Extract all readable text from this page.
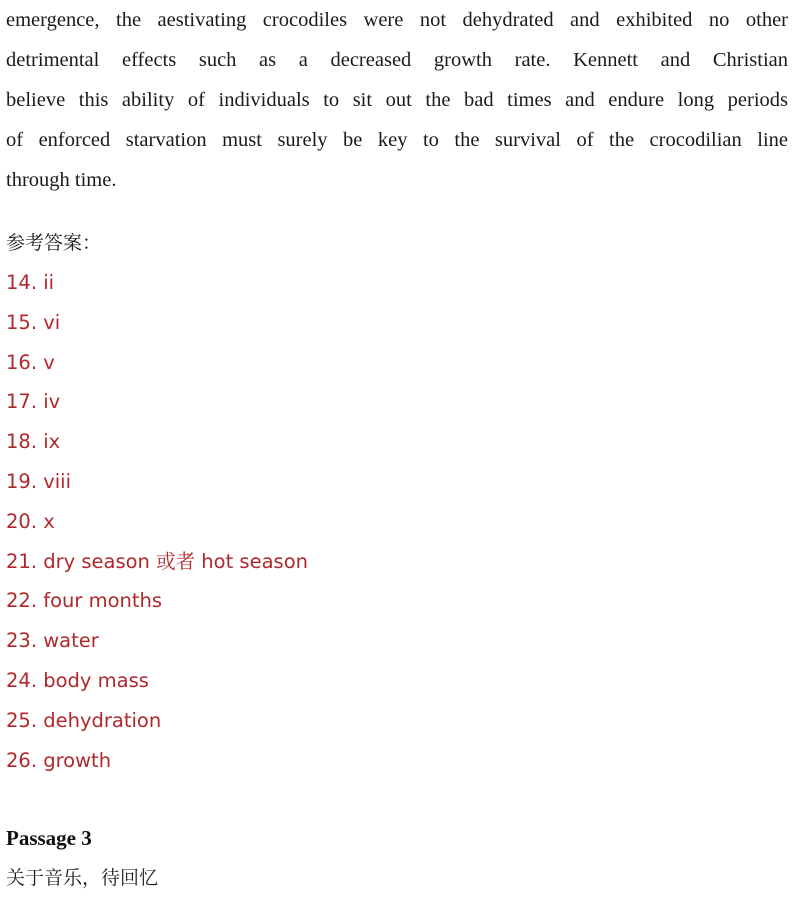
emergence, the aestivating crocodiles were not dehydrated and exhibited no other
detrimental effects such as a decreased growth rate. Kennett and Christian
believe this ability of individuals to sit out the bad times and endure long periods
of enforced starvation must surely be key to the survival of the crocodilian line
through time.
参考答案：
14. ii
15. vi
16. v
17. iv
18. ix
19. viii
20. x
21. dry season 或者 hot season
22. four months
23. water
24. body mass
25. dehydration
26. growth
Passage 3
关于音乐，待回忆
